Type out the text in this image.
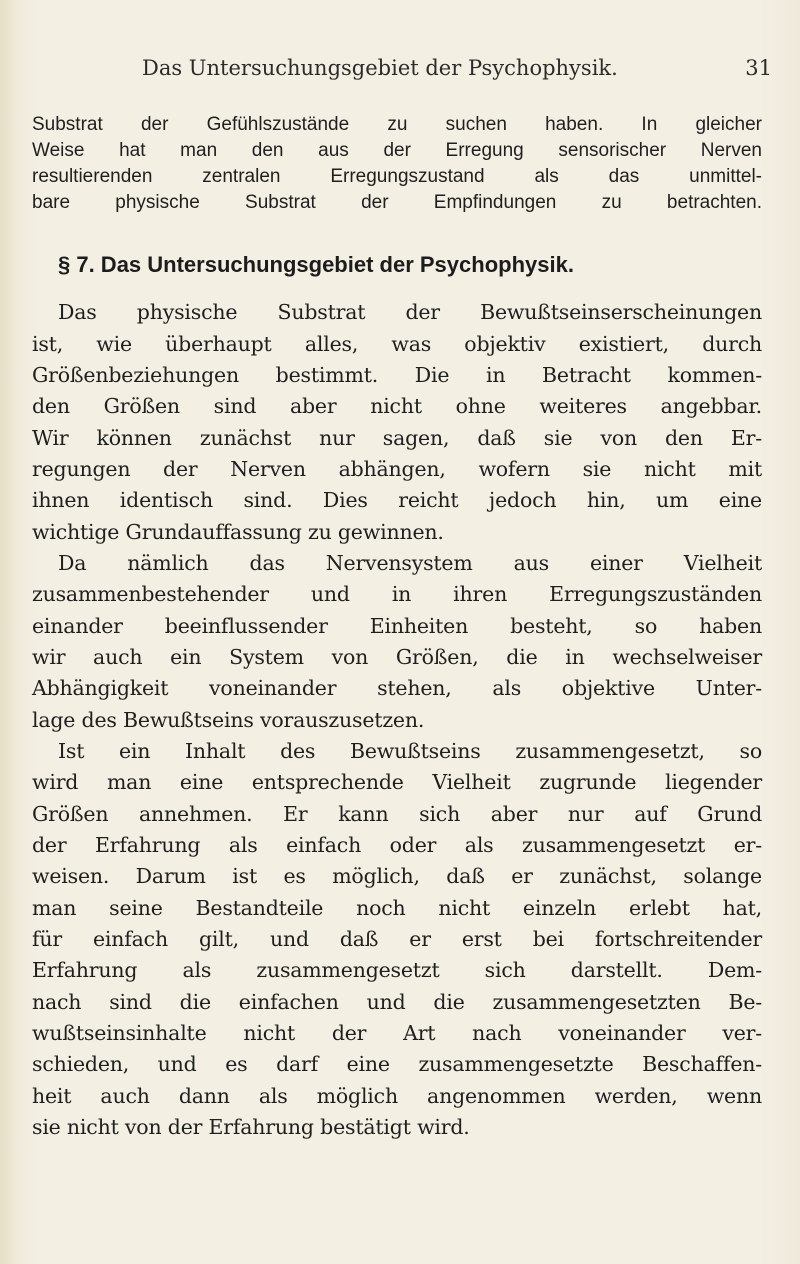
Das Untersuchungsgebiet der Psychophysik.	31
Substrat der Gefühlszustände zu suchen haben. In gleicher
Weise hat man den aus der Erregung sensorischer Nerven
resultierenden zentralen Erregungszustand als das unmittel-
bare physische Substrat der Empfindungen zu betrachten.
§ 7. Das Untersuchungsgebiet der Psychophysik.
Das physische Substrat der Bewußtseinserscheinungen
ist, wie überhaupt alles, was objektiv existiert, durch
Größenbeziehungen bestimmt. Die in Betracht kommen-
den Größen sind aber nicht ohne weiteres angebbar.
Wir können zunächst nur sagen, daß sie von den Er-
regungen der Nerven abhängen, wofern sie nicht mit
ihnen identisch sind. Dies reicht jedoch hin, um eine
wichtige Grundauffassung zu gewinnen.
Da nämlich das Nervensystem aus einer Vielheit
zusammenbestehender und in ihren Erregungszuständen
einander beeinflussender Einheiten besteht, so haben
wir auch ein System von Größen, die in wechselweiser
Abhängigkeit voneinander stehen, als objektive Unter-
lage des Bewußtseins vorauszusetzen.
Ist ein Inhalt des Bewußtseins zusammengesetzt, so
wird man eine entsprechende Vielheit zugrunde liegender
Größen annehmen. Er kann sich aber nur auf Grund
der Erfahrung als einfach oder als zusammengesetzt er-
weisen. Darum ist es möglich, daß er zunächst, solange
man seine Bestandteile noch nicht einzeln erlebt hat,
für einfach gilt, und daß er erst bei fortschreitender
Erfahrung als zusammengesetzt sich darstellt. Dem-
nach sind die einfachen und die zusammengesetzten Be-
wußtseinsinhalte nicht der Art nach voneinander ver-
schieden, und es darf eine zusammengesetzte Beschaffen-
heit auch dann als möglich angenommen werden, wenn
sie nicht von der Erfahrung bestätigt wird.
